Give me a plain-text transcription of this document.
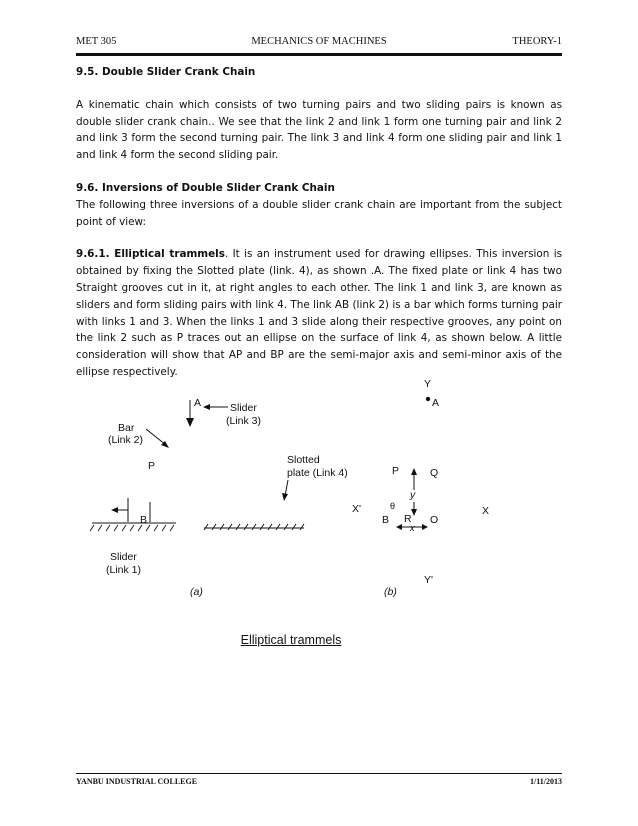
MET 305	MECHANICS OF MACHINES	THEORY-1

9.5. Double Slider Crank Chain

A kinematic chain which consists of two turning pairs and two sliding pairs is known as double slider crank chain.. We see that the link 2 and link 1 form one turning pair and link 2 and link 3 form the second turning pair. The link 3 and link 4 form one sliding pair and link 1 and link 4 form the second sliding pair.

9.6. Inversions of Double Slider Crank Chain

The following three inversions of a double slider crank chain are important from the subject point of view:

9.6.1. Elliptical trammels. It is an instrument used for drawing ellipses. This inversion is obtained by fixing the Slotted plate (link. 4), as shown .A. The fixed plate or link 4 has two Straight grooves cut in it, at right angles to each other. The link 1 and link 3, are known as sliders and form sliding pairs with link 4. The link AB (link 2) is a bar which forms turning pair with links 1 and 3. When the links 1 and 3 slide along their respective grooves, any point on the link 2 such as P traces out an ellipse on the surface of link 4, as shown below. A little consideration will show that AP and BP are the semi-major axis and semi-minor axis of the ellipse respectively.

A	Slider
(Link 3)
Bar
(Link 2)
P	Slotted
plate (Link 4)
B
Slider
(Link 1)
(a)
Y
A
P	Q
y
θ
X'	X
B R
x
O
Y'
(b)
Elliptical trammels
YANBU INDUSTRIAL COLLEGE	1/11/2013
